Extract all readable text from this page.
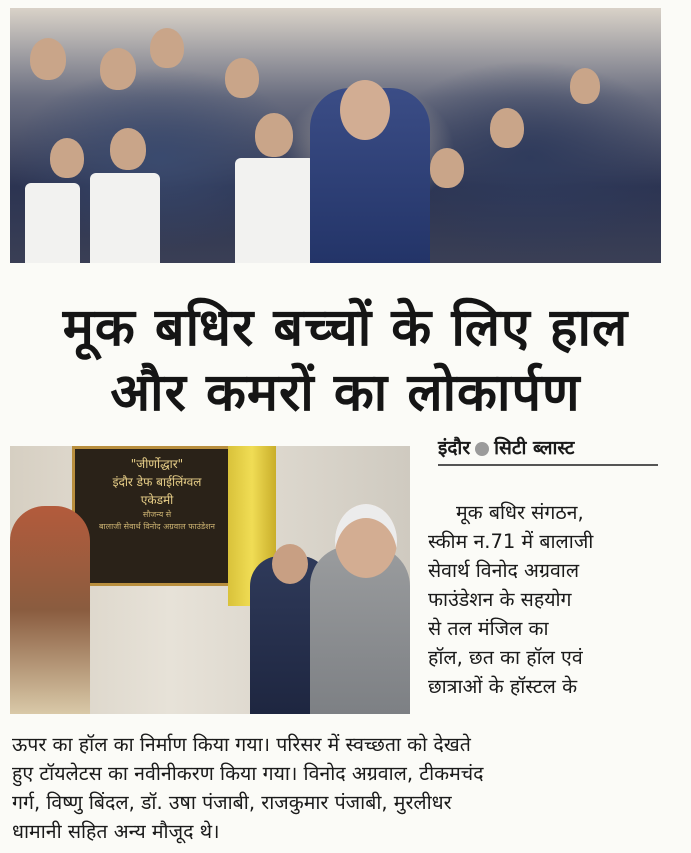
मूक बधिर बच्चों के लिए हाल
और कमरों का लोकार्पण
इंदौर सिटी ब्लास्ट
"जीर्णोद्धार"
इंदौर डेफ बाईलिंग्वल
एकेडमी
सौजन्य से
बालाजी सेवार्थ विनोद अग्रवाल फाउंडेशन
मूक बधिर संगठन,
स्कीम न.71 में बालाजी
सेवार्थ विनोद अग्रवाल
फाउंडेशन के सहयोग
से तल मंजिल का
हॉल, छत का हॉल एवं
छात्राओं के हॉस्टल के
ऊपर का हॉल का निर्माण किया गया। परिसर में स्वच्छता को देखते
हुए टॉयलेटस का नवीनीकरण किया गया। विनोद अग्रवाल, टीकमचंद
गर्ग, विष्णु बिंदल, डॉ. उषा पंजाबी, राजकुमार पंजाबी, मुरलीधर
धामानी सहित अन्य मौजूद थे।
